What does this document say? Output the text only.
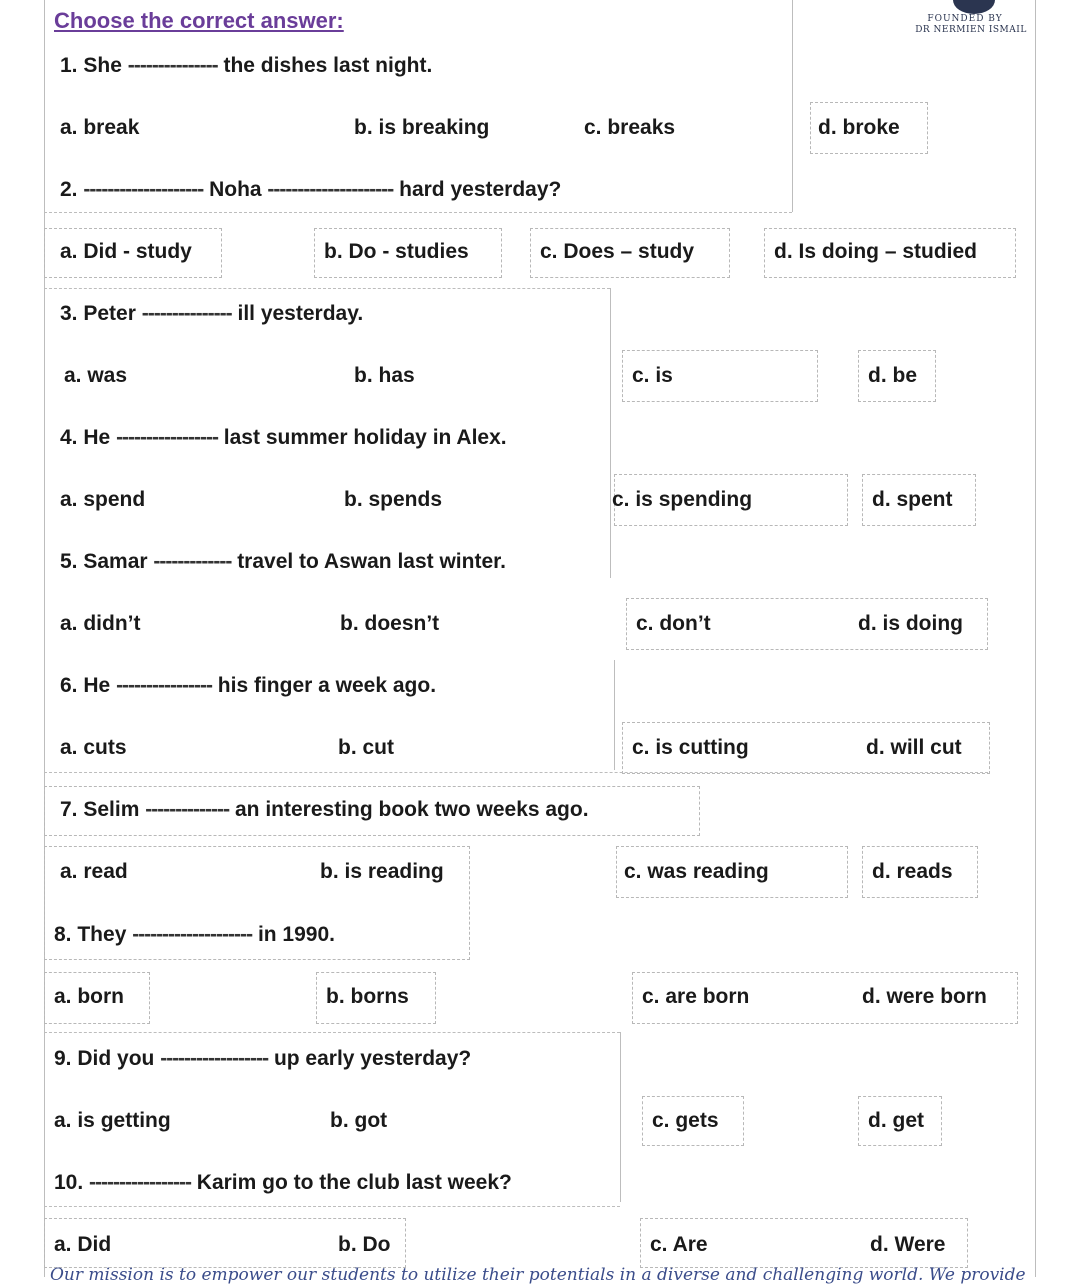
Choose the correct answer:	FOUNDED BY
DR NERMIEN ISMAIL
1. She --------------- the dishes last night.
a. break	b. is breaking	c. breaks	d. broke
2. -------------------- Noha --------------------- hard yesterday?
a. Did - study	b. Do - studies	c. Does – study	d. Is doing – studied
3. Peter --------------- ill yesterday.
a. was	b. has	c. is	d. be
4. He ----------------- last summer holiday in Alex.
a. spend	b. spends	c. is spending	d. spent
5. Samar ------------- travel to Aswan last winter.
a. didn’t	b. doesn’t	c. don’t	d. is doing
6. He ---------------- his finger a week ago.
a. cuts	b. cut	c. is cutting	d. will cut
7. Selim -------------- an interesting book two weeks ago.
a. read	b. is reading	c. was reading	d. reads
8. They -------------------- in 1990.
a. born	b. borns	c. are born	d. were born
9. Did you ------------------ up early yesterday?
a. is getting	b. got	c. gets	d. get
10. ----------------- Karim go to the club last week?
a. Did	b. Do	c. Are	d. Were
Our mission is to empower our students to utilize their potentials in a diverse and challenging world. We provide
